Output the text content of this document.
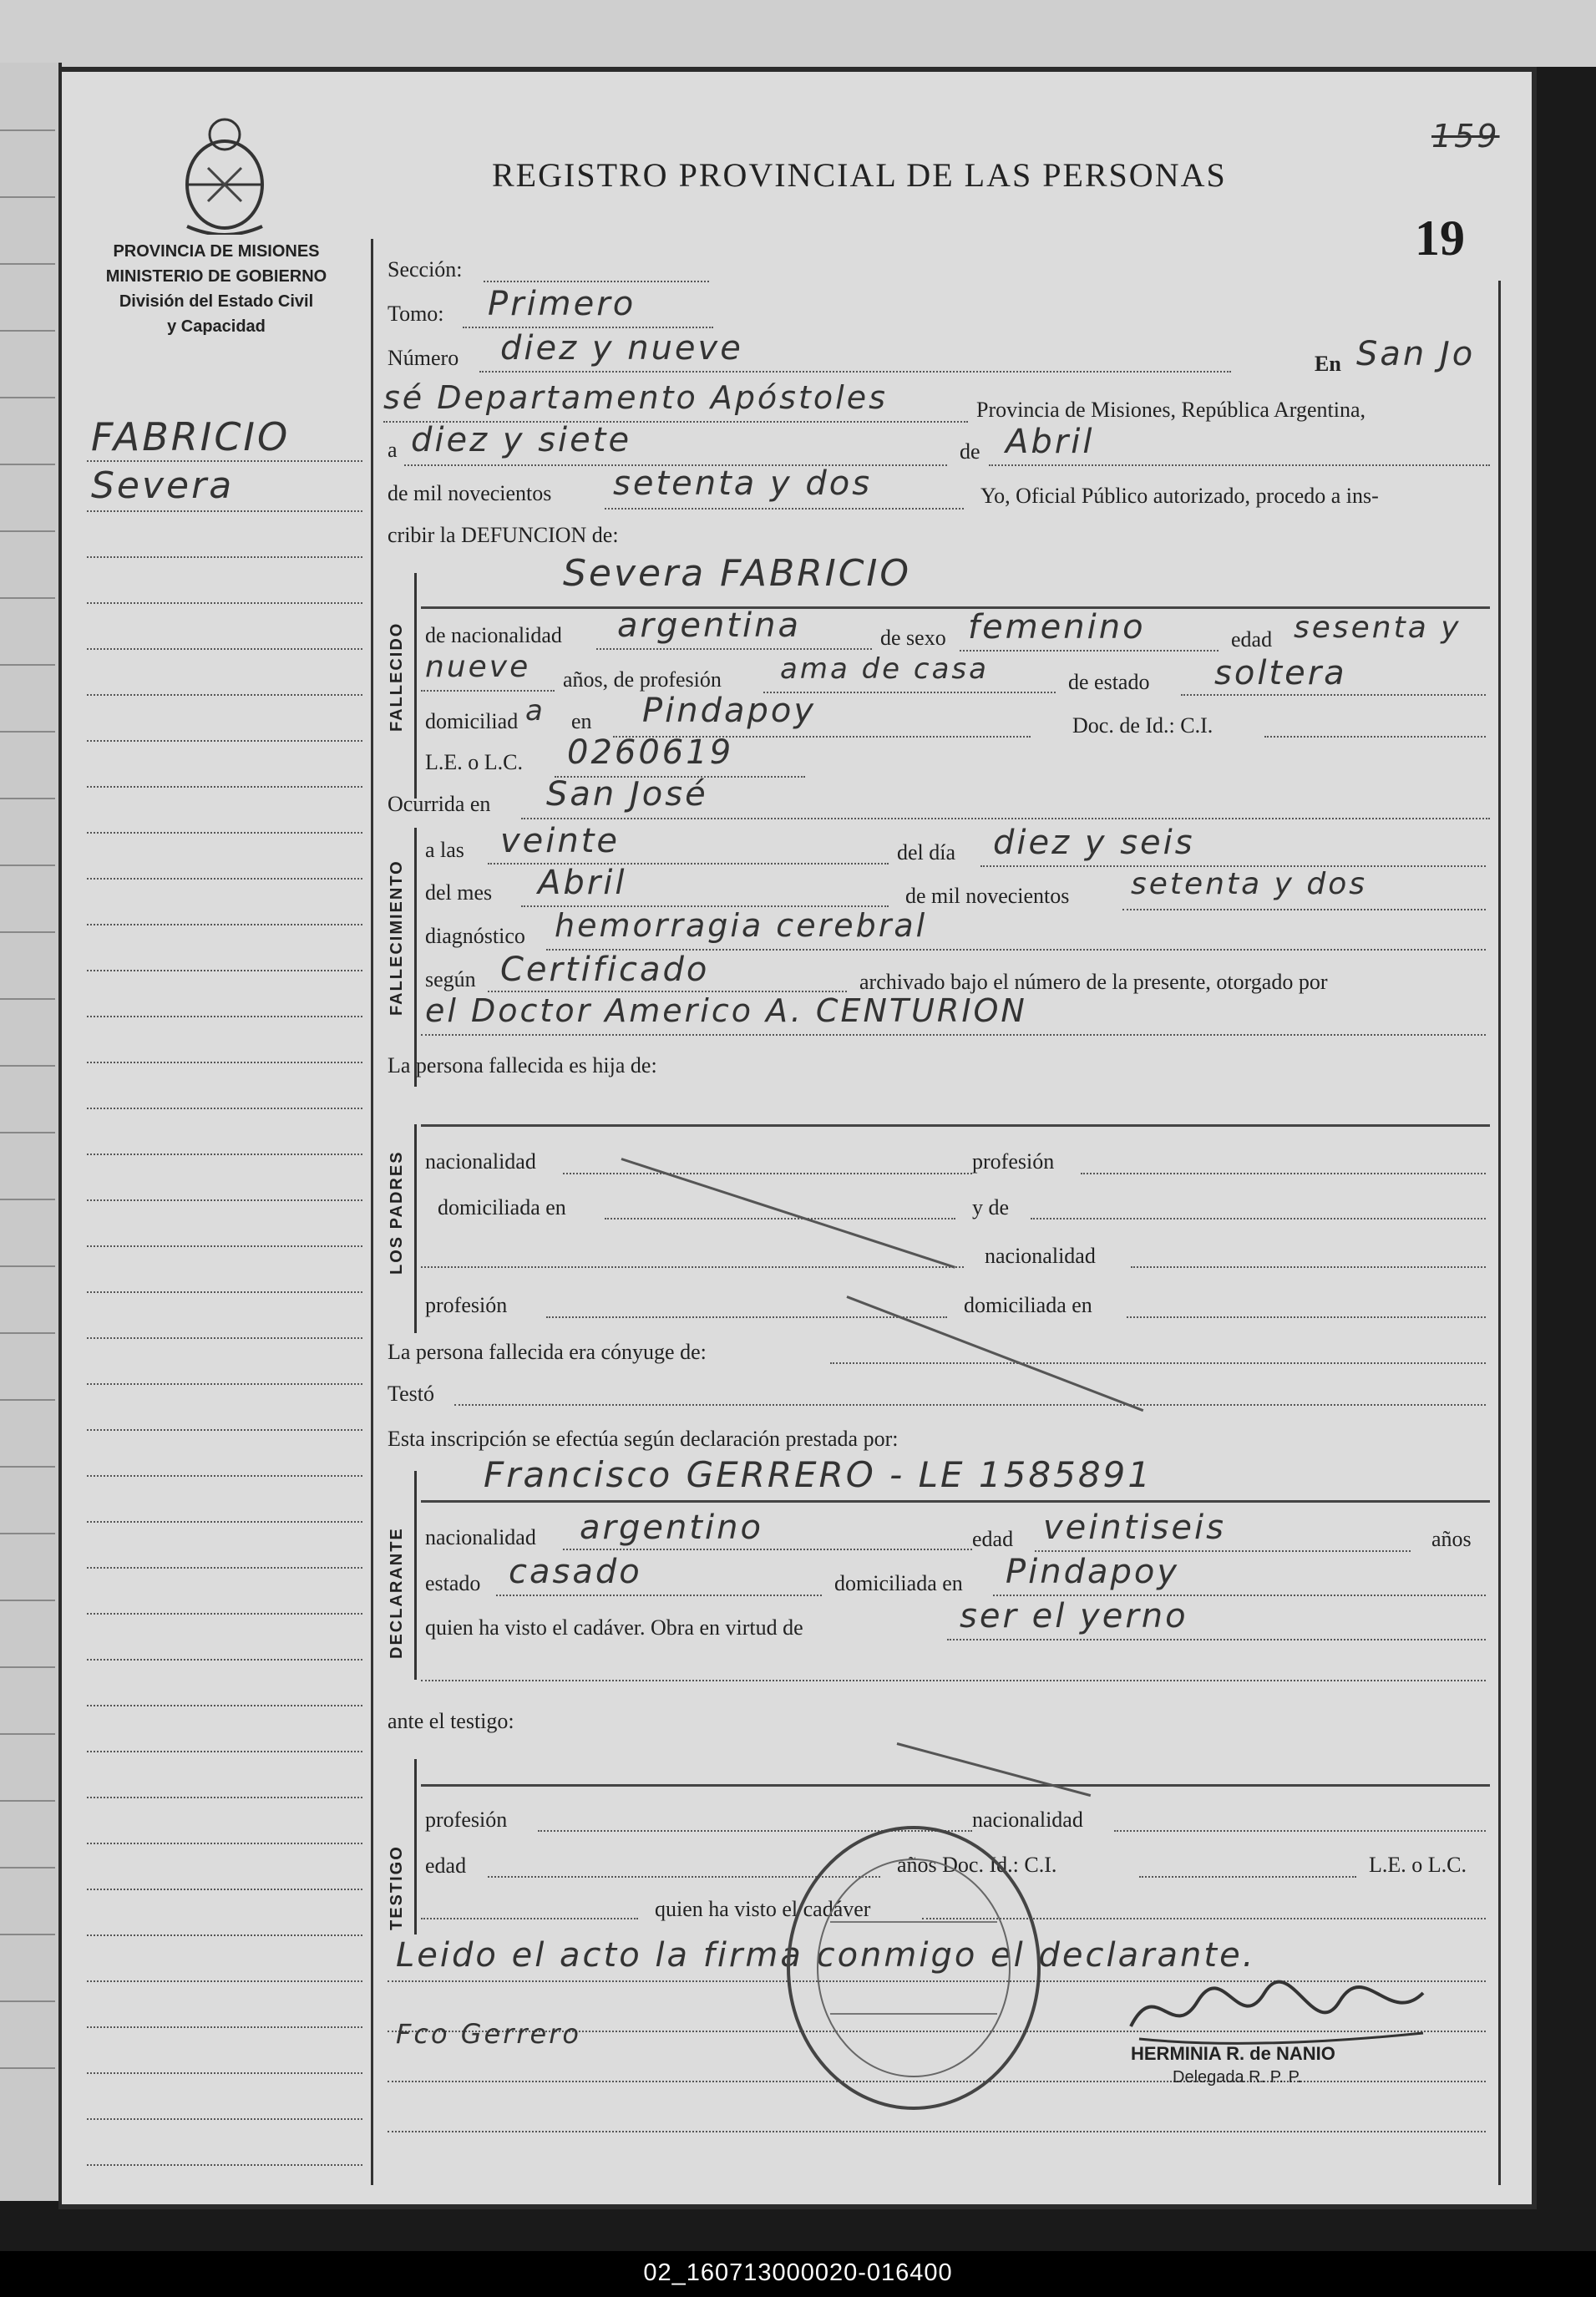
PROVINCIA DE MISIONES
MINISTERIO DE GOBIERNO
División del Estado Civil
y Capacidad
REGISTRO PROVINCIAL DE LAS PERSONAS
159
19
FABRICIO
Severa
Sección:
Tomo: Primero
Número diez y nueve	En San Jo
sé Departamento Apóstoles	Provincia de Misiones, República Argentina,
a diez y siete	de Abril
de mil novecientos setenta y dos	Yo, Oficial Público autorizado, procedo a ins-
cribir la DEFUNCION de:
FALLECIDO
Severa FABRICIO
de nacionalidad argentina	de sexo femenino	edad sesenta y
nueve años, de profesión ama de casa	de estado soltera
domiciliad a en Pindapoy	Doc. de Id.: C.I.
L.E. o L.C. 0260619
Ocurrida en San José
FALLECIMIENTO
a las veinte	del día diez y seis
del mes Abril	de mil novecientos setenta y dos
diagnóstico hemorragia cerebral
según Certificado	archivado bajo el número de la presente, otorgado por
el Doctor Americo A. CENTURION
La persona fallecida es hija de:
LOS PADRES nacionalidad	profesión
domiciliada en	y de
nacionalidad
profesión	domiciliada en
La persona fallecida era cónyuge de:
Testó
Esta inscripción se efectúa según declaración prestada por:
DECLARANTE
Francisco GERRERO - LE 1585891
nacionalidad argentino	edad veintiseis	años
estado casado	domiciliada en Pindapoy
quien ha visto el cadáver. Obra en virtud de	ser el yerno
ante el testigo:
TESTIGO
profesión	nacionalidad
edad	años Doc. Id.: C.I.	L.E. o L.C.
quien ha visto el cadáver
Leido el acto la firma conmigo el declarante.
Fco Gerrero
HERMINIA R. de NANIO
Delegada R. P. P.
02_160713000020-016400
